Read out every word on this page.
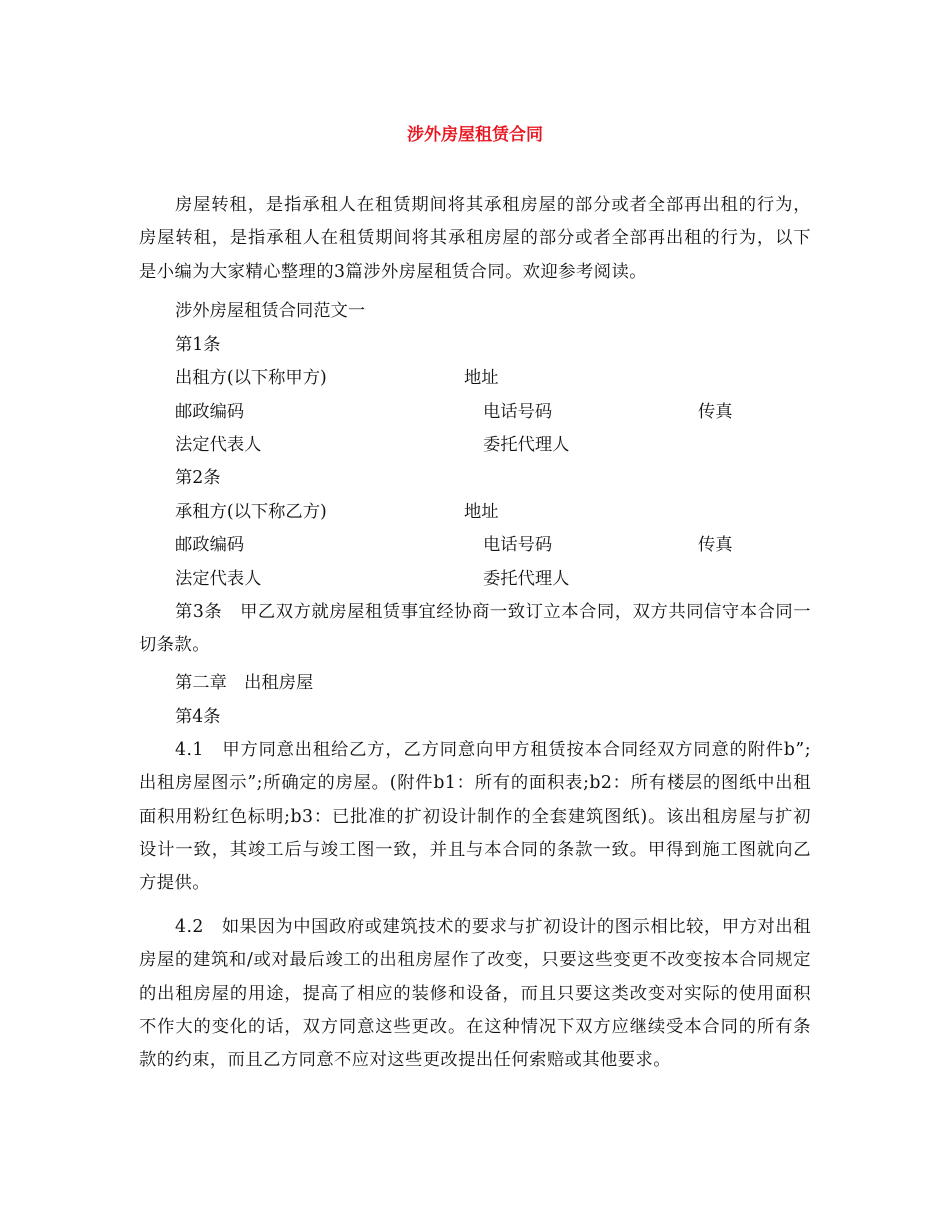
涉外房屋租赁合同
房屋转租，是指承租人在租赁期间将其承租房屋的部分或者全部再出租的行为，房屋转租，是指承租人在租赁期间将其承租房屋的部分或者全部再出租的行为，以下是小编为大家精心整理的3篇涉外房屋租赁合同。欢迎参考阅读。
涉外房屋租赁合同范文一
第1条
出租方(以下称甲方)	地址
邮政编码	电话号码	传真
法定代表人	委托代理人
第2条
承租方(以下称乙方)	地址
邮政编码	电话号码	传真
法定代表人	委托代理人
第3条　甲乙双方就房屋租赁事宜经协商一致订立本合同，双方共同信守本合同一切条款。
第二章　出租房屋
第4条
4.1　甲方同意出租给乙方，乙方同意向甲方租赁按本合同经双方同意的附件b”;出租房屋图示”;所确定的房屋。(附件b1：所有的面积表;b2：所有楼层的图纸中出租面积用粉红色标明;b3：已批准的扩初设计制作的全套建筑图纸)。该出租房屋与扩初设计一致，其竣工后与竣工图一致，并且与本合同的条款一致。甲得到施工图就向乙方提供。
4.2　如果因为中国政府或建筑技术的要求与扩初设计的图示相比较，甲方对出租房屋的建筑和/或对最后竣工的出租房屋作了改变，只要这些变更不改变按本合同规定的出租房屋的用途，提高了相应的装修和设备，而且只要这类改变对实际的使用面积不作大的变化的话，双方同意这些更改。在这种情况下双方应继续受本合同的所有条款的约束，而且乙方同意不应对这些更改提出任何索赔或其他要求。
